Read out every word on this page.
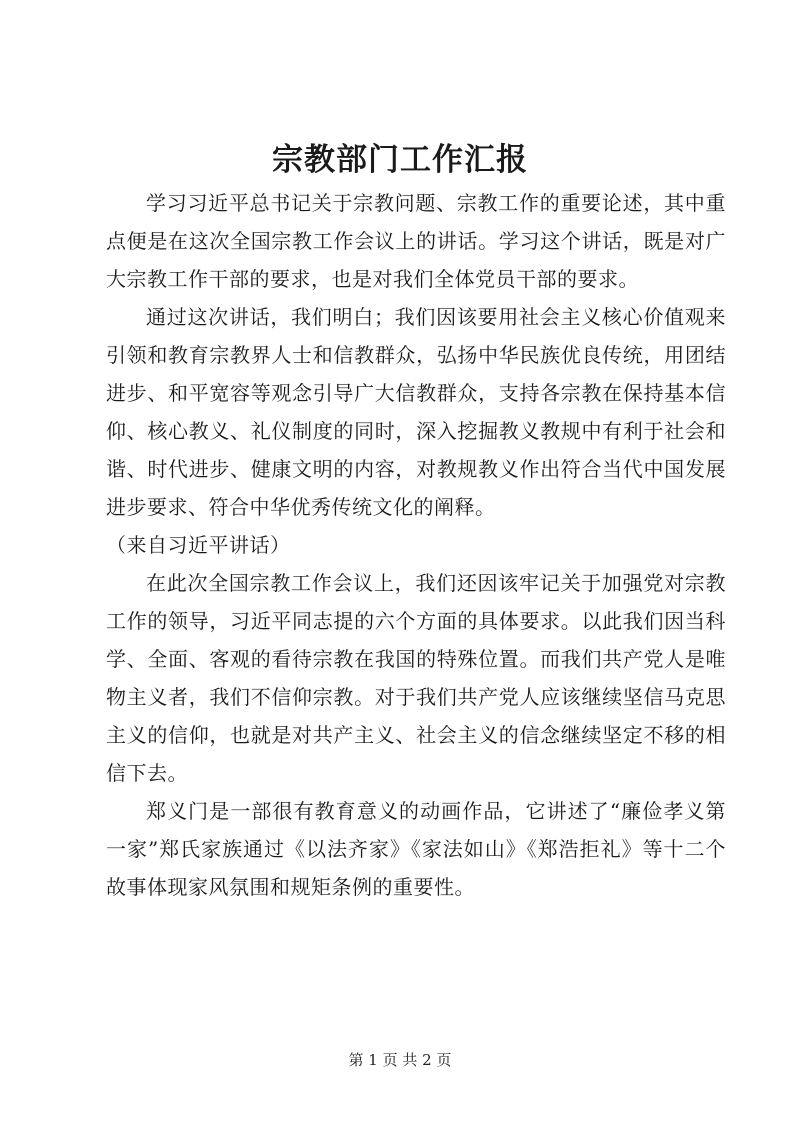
宗教部门工作汇报

学习习近平总书记关于宗教问题、宗教工作的重要论述，其中重点便是在这次全国宗教工作会议上的讲话。学习这个讲话，既是对广大宗教工作干部的要求，也是对我们全体党员干部的要求。

通过这次讲话，我们明白；我们因该要用社会主义核心价值观来引领和教育宗教界人士和信教群众，弘扬中华民族优良传统，用团结进步、和平宽容等观念引导广大信教群众，支持各宗教在保持基本信仰、核心教义、礼仪制度的同时，深入挖掘教义教规中有利于社会和谐、时代进步、健康文明的内容，对教规教义作出符合当代中国发展进步要求、符合中华优秀传统文化的阐释。

（来自习近平讲话）

在此次全国宗教工作会议上，我们还因该牢记关于加强党对宗教工作的领导，习近平同志提的六个方面的具体要求。以此我们因当科学、全面、客观的看待宗教在我国的特殊位置。而我们共产党人是唯物主义者，我们不信仰宗教。对于我们共产党人应该继续坚信马克思主义的信仰，也就是对共产主义、社会主义的信念继续坚定不移的相信下去。

郑义门是一部很有教育意义的动画作品，它讲述了“廉俭孝义第一家”郑氏家族通过《以法齐家》《家法如山》《郑浩拒礼》等十二个故事体现家风氛围和规矩条例的重要性。

第 1 页 共 2 页
